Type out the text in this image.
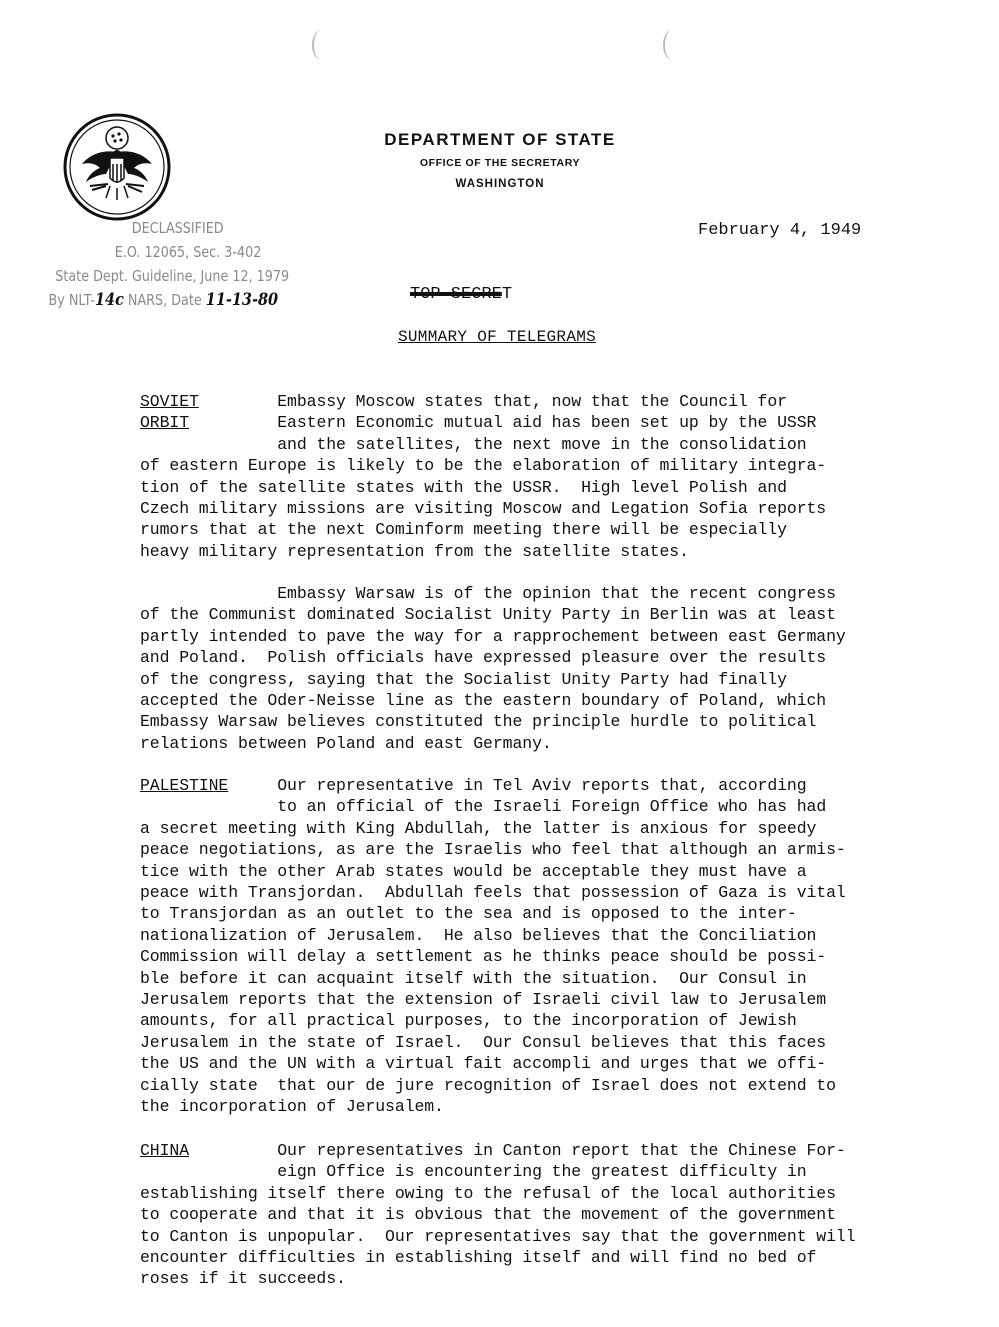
DEPARTMENT OF STATE
OFFICE OF THE SECRETARY
WASHINGTON
DECLASSIFIED
E.O. 12065, Sec. 3-402
State Dept. Guideline, June 12, 1979
By NLT-14c NARS, Date 11-13-80
February 4, 1949
TOP SECRET
SUMMARY OF TELEGRAMS
SOVIET	Embassy Moscow states that, now that the Council for
ORBIT	Eastern Economic mutual aid has been set up by the USSR
and the satellites, the next move in the consolidation
of eastern Europe is likely to be the elaboration of military integra-
tion of the satellite states with the USSR.  High level Polish and
Czech military missions are visiting Moscow and Legation Sofia reports
rumors that at the next Cominform meeting there will be especially
heavy military representation from the satellite states.
Embassy Warsaw is of the opinion that the recent congress
of the Communist dominated Socialist Unity Party in Berlin was at least
partly intended to pave the way for a rapprochement between east Germany
and Poland.  Polish officials have expressed pleasure over the results
of the congress, saying that the Socialist Unity Party had finally
accepted the Oder-Neisse line as the eastern boundary of Poland, which
Embassy Warsaw believes constituted the principle hurdle to political
relations between Poland and east Germany.
PALESTINE	Our representative in Tel Aviv reports that, according
to an official of the Israeli Foreign Office who has had
a secret meeting with King Abdullah, the latter is anxious for speedy
peace negotiations, as are the Israelis who feel that although an armis-
tice with the other Arab states would be acceptable they must have a
peace with Transjordan.  Abdullah feels that possession of Gaza is vital
to Transjordan as an outlet to the sea and is opposed to the inter-
nationalization of Jerusalem.  He also believes that the Conciliation
Commission will delay a settlement as he thinks peace should be possi-
ble before it can acquaint itself with the situation.  Our Consul in
Jerusalem reports that the extension of Israeli civil law to Jerusalem
amounts, for all practical purposes, to the incorporation of Jewish
Jerusalem in the state of Israel.  Our Consul believes that this faces
the US and the UN with a virtual fait accompli and urges that we offi-
cially state  that our de jure recognition of Israel does not extend to
the incorporation of Jerusalem.
CHINA	Our representatives in Canton report that the Chinese For-
eign Office is encountering the greatest difficulty in
establishing itself there owing to the refusal of the local authorities
to cooperate and that it is obvious that the movement of the government
to Canton is unpopular.  Our representatives say that the government will
encounter difficulties in establishing itself and will find no bed of
roses if it succeeds.
